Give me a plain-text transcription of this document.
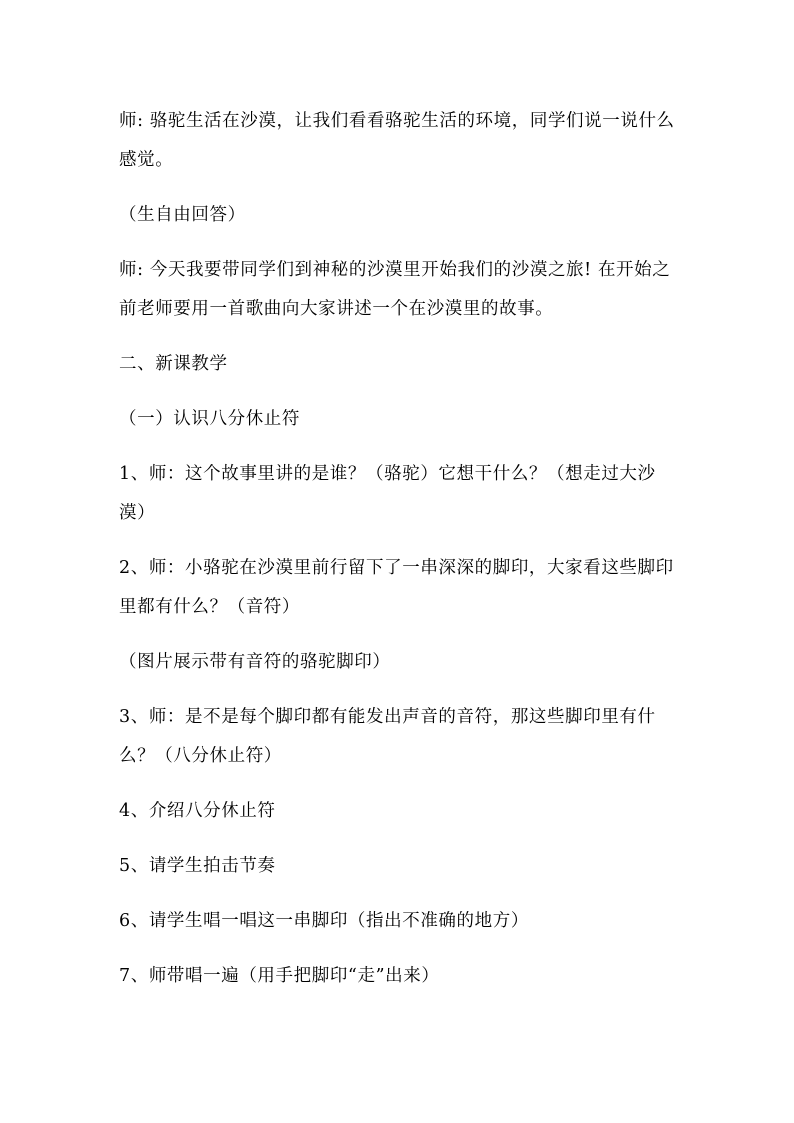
师: 骆驼生活在沙漠，让我们看看骆驼生活的环境，同学们说一说什么感觉。

（生自由回答）

师: 今天我要带同学们到神秘的沙漠里开始我们的沙漠之旅! 在开始之前老师要用一首歌曲向大家讲述一个在沙漠里的故事。

二、新课教学

（一）认识八分休止符

1、师：这个故事里讲的是谁？（骆驼）它想干什么？（想走过大沙漠）

2、师：小骆驼在沙漠里前行留下了一串深深的脚印，大家看这些脚印里都有什么？（音符）

（图片展示带有音符的骆驼脚印）

3、师：是不是每个脚印都有能发出声音的音符，那这些脚印里有什么？（八分休止符）

4、介绍八分休止符

5、请学生拍击节奏

6、请学生唱一唱这一串脚印（指出不准确的地方）

7、师带唱一遍（用手把脚印“走”出来）
